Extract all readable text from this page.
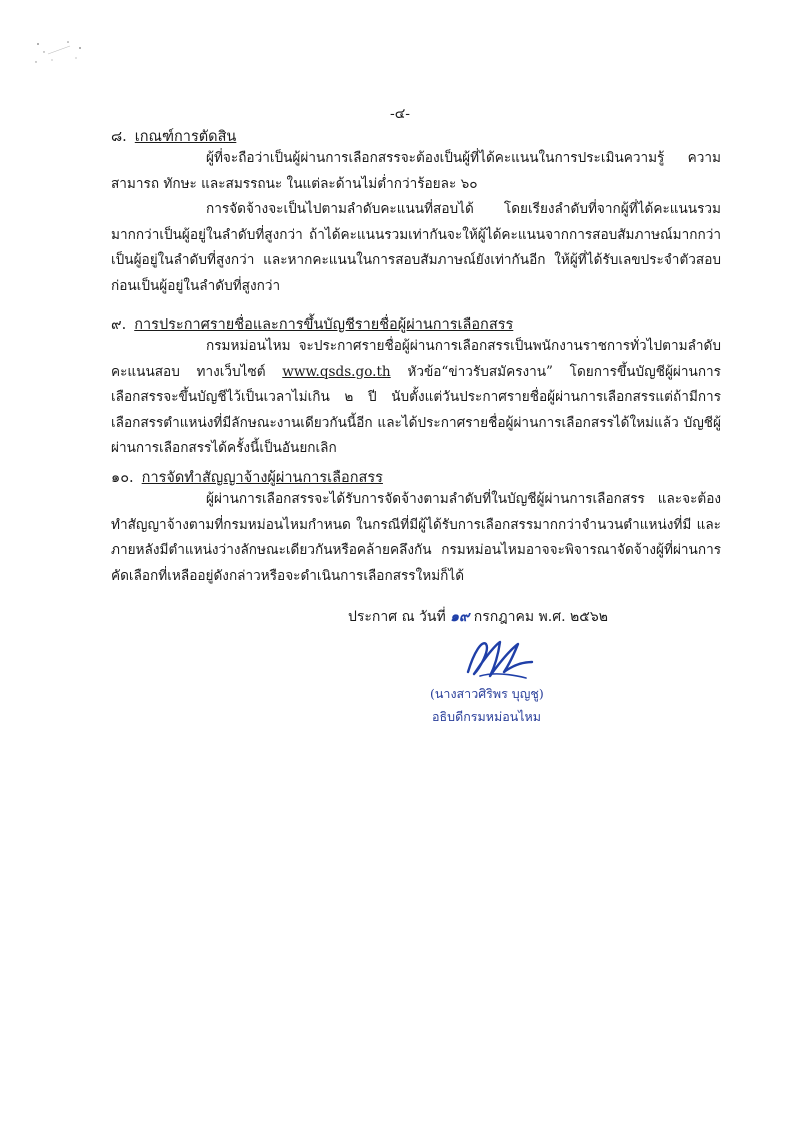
-๔-
๘. เกณฑ์การตัดสิน
ผู้ที่จะถือว่าเป็นผู้ผ่านการเลือกสรรจะต้องเป็นผู้ที่ได้คะแนนในการประเมินความรู้ ความสามารถ ทักษะ และสมรรถนะ ในแต่ละด้านไม่ต่ำกว่าร้อยละ ๖๐
การจัดจ้างจะเป็นไปตามลำดับคะแนนที่สอบได้ โดยเรียงลำดับที่จากผู้ที่ได้คะแนนรวมมากกว่าเป็นผู้อยู่ในลำดับที่สูงกว่า ถ้าได้คะแนนรวมเท่ากันจะให้ผู้ได้คะแนนจากการสอบสัมภาษณ์มากกว่าเป็นผู้อยู่ในลำดับที่สูงกว่า และหากคะแนนในการสอบสัมภาษณ์ยังเท่ากันอีก ให้ผู้ที่ได้รับเลขประจำตัวสอบก่อนเป็นผู้อยู่ในลำดับที่สูงกว่า
๙. การประกาศรายชื่อและการขึ้นบัญชีรายชื่อผู้ผ่านการเลือกสรร
กรมหม่อนไหม จะประกาศรายชื่อผู้ผ่านการเลือกสรรเป็นพนักงานราชการทั่วไปตามลำดับคะแนนสอบ ทางเว็บไซต์ www.qsds.go.th หัวข้อ“ข่าวรับสมัครงาน” โดยการขึ้นบัญชีผู้ผ่านการเลือกสรรจะขึ้นบัญชีไว้เป็นเวลาไม่เกิน ๒ ปี นับตั้งแต่วันประกาศรายชื่อผู้ผ่านการเลือกสรรแต่ถ้ามีการเลือกสรรตำแหน่งที่มีลักษณะงานเดียวกันนี้อีก และได้ประกาศรายชื่อผู้ผ่านการเลือกสรรได้ใหม่แล้ว บัญชีผู้ผ่านการเลือกสรรได้ครั้งนี้เป็นอันยกเลิก
๑๐. การจัดทำสัญญาจ้างผู้ผ่านการเลือกสรร
ผู้ผ่านการเลือกสรรจะได้รับการจัดจ้างตามลำดับที่ในบัญชีผู้ผ่านการเลือกสรร และจะต้องทำสัญญาจ้างตามที่กรมหม่อนไหมกำหนด ในกรณีที่มีผู้ได้รับการเลือกสรรมากกว่าจำนวนตำแหน่งที่มี และภายหลังมีตำแหน่งว่างลักษณะเดียวกันหรือคล้ายคลึงกัน กรมหม่อนไหมอาจจะพิจารณาจัดจ้างผู้ที่ผ่านการคัดเลือกที่เหลืออยู่ดังกล่าวหรือจะดำเนินการเลือกสรรใหม่ก็ได้
ประกาศ ณ วันที่ ๑๙ กรกฎาคม พ.ศ. ๒๕๖๒
(นางสาวศิริพร บุญชู)
อธิบดีกรมหม่อนไหม
